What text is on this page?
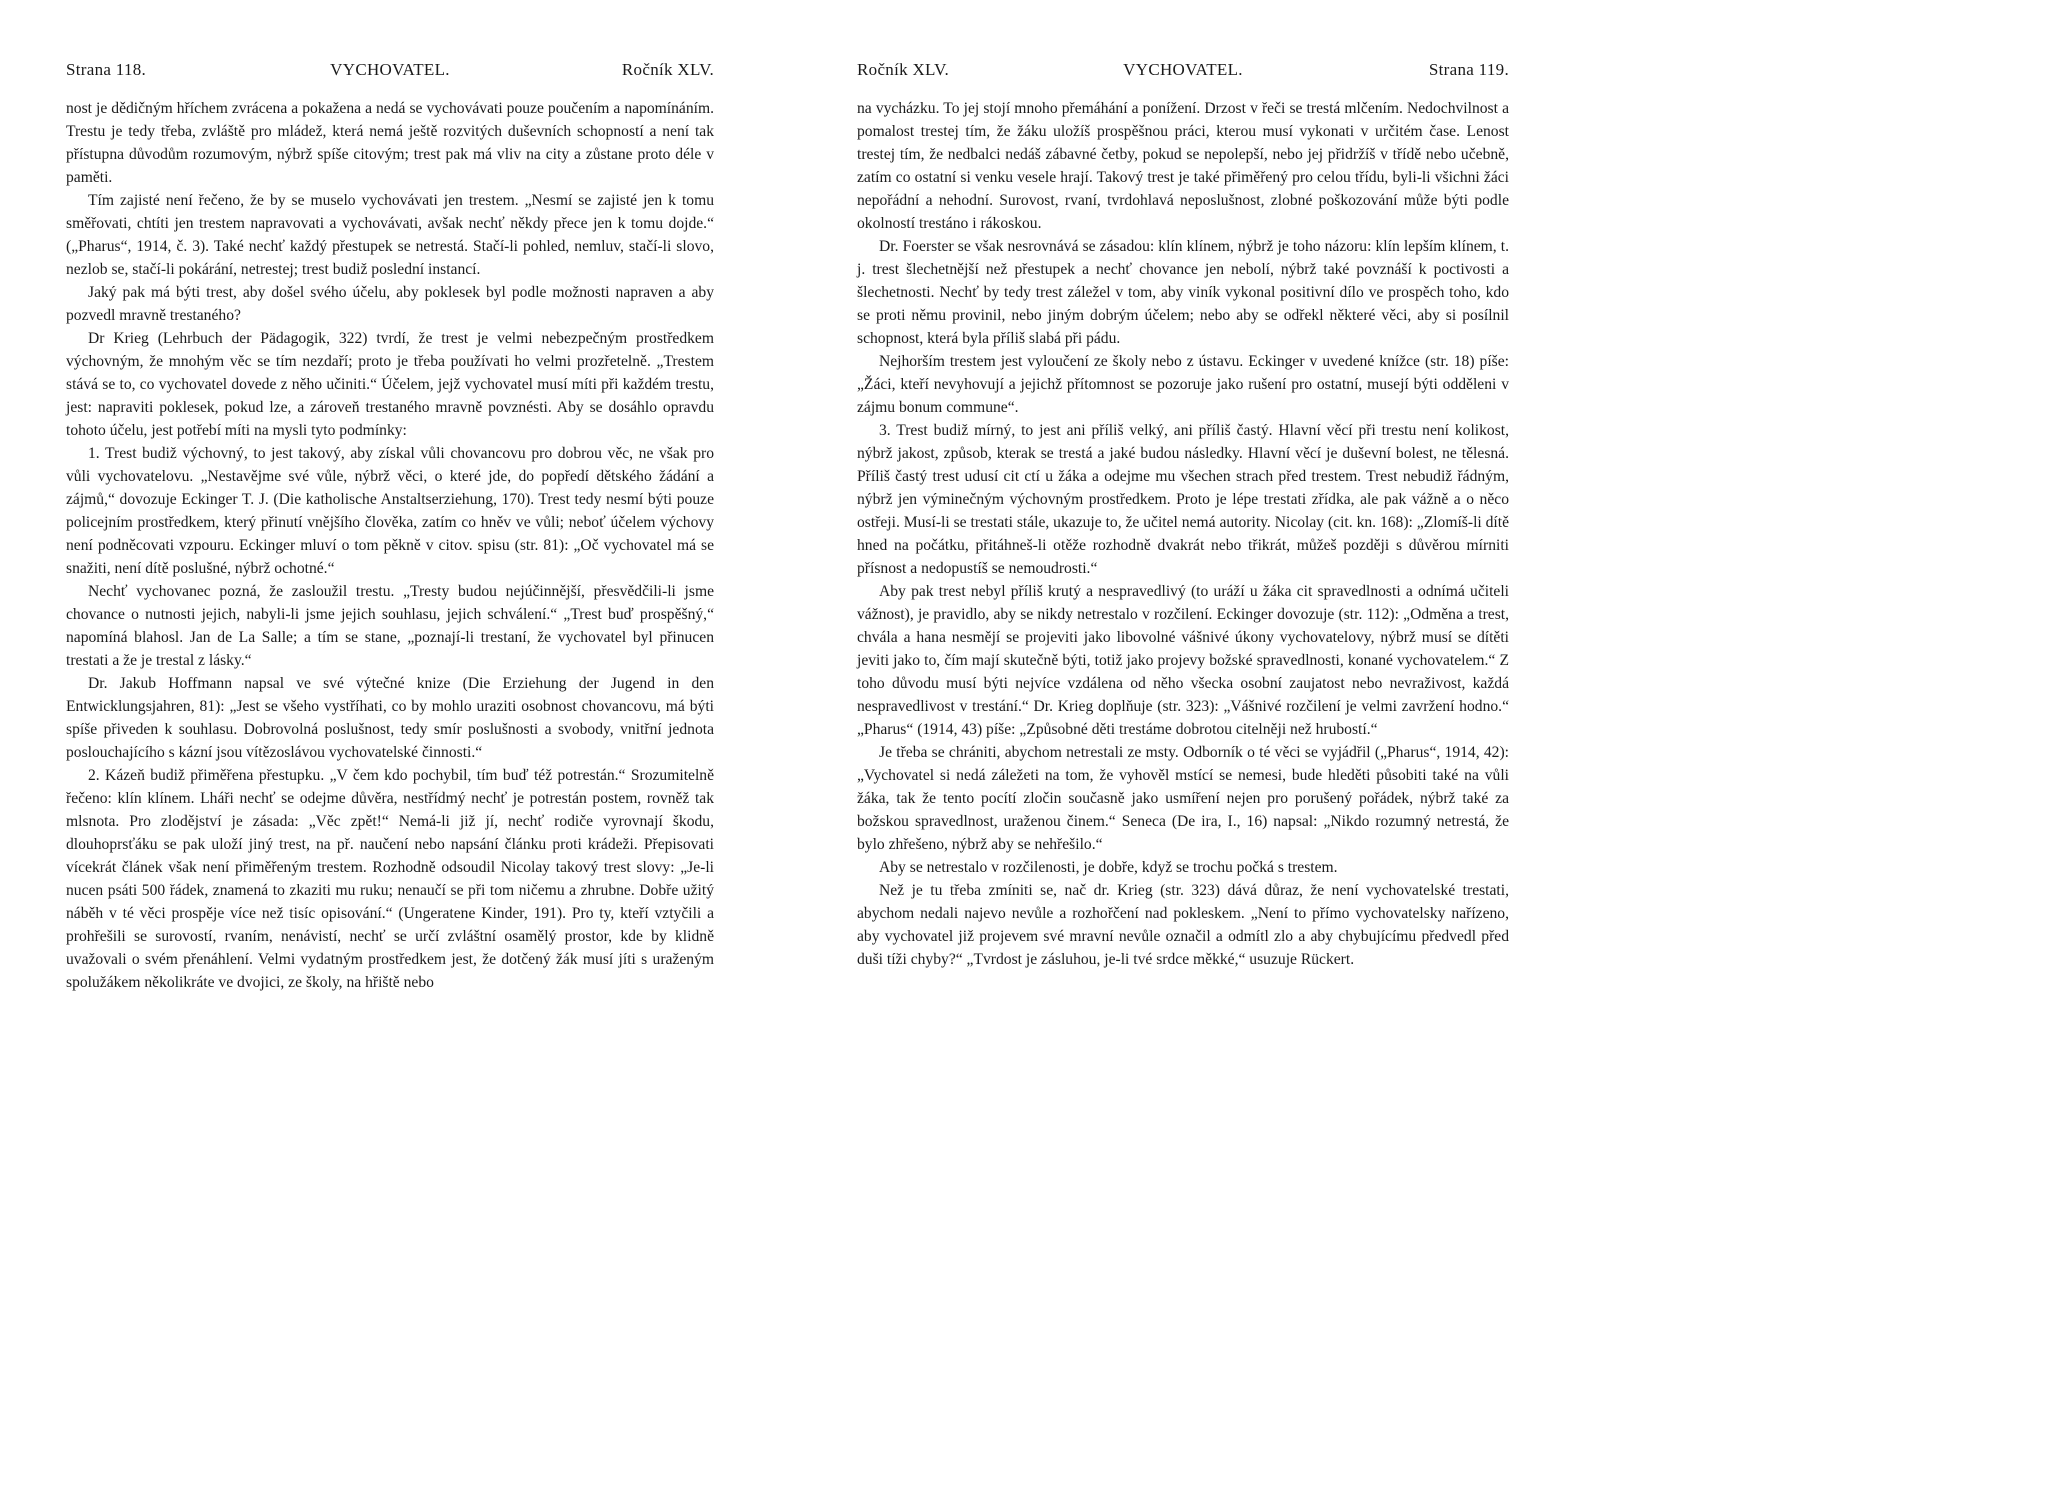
Strana 118.	VYCHOVATEL.	Ročník XLV.

nost je dědičným hříchem zvrácena a pokažena a nedá se vychovávati pouze poučením a napomínáním. Trestu je tedy třeba, zvláště pro mládež, která nemá ještě rozvitých duševních schopností a není tak přístupna důvodům rozumovým, nýbrž spíše citovým; trest pak má vliv na city a zůstane proto déle v paměti.

Tím zajisté není řečeno, že by se muselo vychovávati jen trestem. „Nesmí se zajisté jen k tomu směřovati, chtíti jen trestem napravovati a vychovávati, avšak nechť někdy přece jen k tomu dojde.“ („Pharus“, 1914, č. 3). Také nechť každý přestupek se netrestá. Stačí-li pohled, nemluv, stačí-li slovo, nezlob se, stačí-li pokárání, netrestej; trest budiž poslední instancí.

Jaký pak má býti trest, aby došel svého účelu, aby poklesek byl podle možnosti napraven a aby pozvedl mravně trestaného?

Dr Krieg (Lehrbuch der Pädagogik, 322) tvrdí, že trest je velmi nebezpečným prostředkem výchovným, že mnohým věc se tím nezdaří; proto je třeba používati ho velmi prozřetelně. „Trestem stává se to, co vychovatel dovede z něho učiniti.“ Účelem, jejž vychovatel musí míti při každém trestu, jest: napraviti poklesek, pokud lze, a zároveň trestaného mravně povznésti. Aby se dosáhlo opravdu tohoto účelu, jest potřebí míti na mysli tyto podmínky:

1. Trest budiž výchovný, to jest takový, aby získal vůli chovancovu pro dobrou věc, ne však pro vůli vychovatelovu. „Nestavějme své vůle, nýbrž věci, o které jde, do popředí dětského žádání a zájmů,“ dovozuje Eckinger T. J. (Die katholische Anstaltserziehung, 170). Trest tedy nesmí býti pouze policejním prostředkem, který přinutí vnějšího člověka, zatím co hněv ve vůli; neboť účelem výchovy není podněcovati vzpouru. Eckinger mluví o tom pěkně v citov. spisu (str. 81): „Oč vychovatel má se snažiti, není dítě poslušné, nýbrž ochotné.“

Nechť vychovanec pozná, že zasloužil trestu. „Tresty budou nejúčinnější, přesvědčili-li jsme chovance o nutnosti jejich, nabyli-li jsme jejich souhlasu, jejich schválení.“ „Trest buď prospěšný,“ napomíná blahosl. Jan de La Salle; a tím se stane, „poznají-li trestaní, že vychovatel byl přinucen trestati a že je trestal z lásky.“

Dr. Jakub Hoffmann napsal ve své výtečné knize (Die Erziehung der Jugend in den Entwicklungsjahren, 81): „Jest se všeho vystříhati, co by mohlo uraziti osobnost chovancovu, má býti spíše přiveden k souhlasu. Dobrovolná poslušnost, tedy smír poslušnosti a svobody, vnitřní jednota poslouchajícího s kázní jsou vítězoslávou vychovatelské činnosti.“

2. Kázeň budiž přiměřena přestupku. „V čem kdo pochybil, tím buď též potrestán.“ Srozumitelně řečeno: klín klínem. Lháři nechť se odejme důvěra, nestřídmý nechť je potrestán postem, rovněž tak mlsnota. Pro zlodějství je zásada: „Věc zpět!“ Nemá-li již jí, nechť rodiče vyrovnají škodu, dlouhoprsťáku se pak uloží jiný trest, na př. naučení nebo napsání článku proti krádeži. Přepisovati vícekrát článek však není přiměřeným trestem. Rozhodně odsoudil Nicolay takový trest slovy: „Je-li nucen psáti 500 řádek, znamená to zkaziti mu ruku; nenaučí se při tom ničemu a zhrubne. Dobře užitý náběh v té věci prospěje více než tisíc opisování.“ (Ungeratene Kinder, 191). Pro ty, kteří vztyčili a prohřešili se surovostí, rvaním, nenávistí, nechť se určí zvláštní osamělý prostor, kde by klidně uvažovali o svém přenáhlení. Velmi vydatným prostředkem jest, že dotčený žák musí jíti s uraženým spolužákem několikráte ve dvojici, ze školy, na hřiště nebo

Ročník XLV.	VYCHOVATEL.	Strana 119.

na vycházku. To jej stojí mnoho přemáhání a ponížení. Drzost v řeči se trestá mlčením. Nedochvilnost a pomalost trestej tím, že žáku uložíš prospěšnou práci, kterou musí vykonati v určitém čase. Lenost trestej tím, že nedbalci nedáš zábavné četby, pokud se nepolepší, nebo jej přidržíš v třídě nebo učebně, zatím co ostatní si venku vesele hrají. Takový trest je také přiměřený pro celou třídu, byli-li všichni žáci nepořádní a nehodní. Surovost, rvaní, tvrdohlavá neposlušnost, zlobné poškozování může býti podle okolností trestáno i rákoskou.

Dr. Foerster se však nesrovnává se zásadou: klín klínem, nýbrž je toho názoru: klín lepším klínem, t. j. trest šlechetnější než přestupek a nechť chovance jen nebolí, nýbrž také povznáší k poctivosti a šlechetnosti. Nechť by tedy trest záležel v tom, aby viník vykonal positivní dílo ve prospěch toho, kdo se proti němu provinil, nebo jiným dobrým účelem; nebo aby se odřekl některé věci, aby si posílnil schopnost, která byla příliš slabá při pádu.

Nejhorším trestem jest vyloučení ze školy nebo z ústavu. Eckinger v uvedené knížce (str. 18) píše: „Žáci, kteří nevyhovují a jejichž přítomnost se pozoruje jako rušení pro ostatní, musejí býti odděleni v zájmu bonum commune“.

3. Trest budiž mírný, to jest ani příliš velký, ani příliš častý. Hlavní věcí při trestu není kolikost, nýbrž jakost, způsob, kterak se trestá a jaké budou následky. Hlavní věcí je duševní bolest, ne tělesná. Příliš častý trest udusí cit ctí u žáka a odejme mu všechen strach před trestem. Trest nebudiž řádným, nýbrž jen výminečným výchovným prostředkem. Proto je lépe trestati zřídka, ale pak vážně a o něco ostřeji. Musí-li se trestati stále, ukazuje to, že učitel nemá autority. Nicolay (cit. kn. 168): „Zlomíš-li dítě hned na počátku, přitáhneš-li otěže rozhodně dvakrát nebo třikrát, můžeš později s důvěrou mírniti přísnost a nedopustíš se nemoudrosti.“

Aby pak trest nebyl příliš krutý a nespravedlivý (to uráží u žáka cit spravedlnosti a odnímá učiteli vážnost), je pravidlo, aby se nikdy netrestalo v rozčilení. Eckinger dovozuje (str. 112): „Odměna a trest, chvála a hana nesmějí se projeviti jako libovolné vášnivé úkony vychovatelovy, nýbrž musí se dítěti jeviti jako to, čím mají skutečně býti, totiž jako projevy božské spravedlnosti, konané vychovatelem.“ Z toho důvodu musí býti nejvíce vzdálena od něho všecka osobní zaujatost nebo nevraživost, každá nespravedlivost v trestání.“ Dr. Krieg doplňuje (str. 323): „Vášnivé rozčilení je velmi zavržení hodno.“ „Pharus“ (1914, 43) píše: „Způsobné děti trestáme dobrotou citelněji než hrubostí.“

Je třeba se chrániti, abychom netrestali ze msty. Odborník o té věci se vyjádřil („Pharus“, 1914, 42): „Vychovatel si nedá záležeti na tom, že vyhověl mstící se nemesi, bude hleděti působiti také na vůli žáka, tak že tento pocítí zločin současně jako usmíření nejen pro porušený pořádek, nýbrž také za božskou spravedlnost, uraženou činem.“ Seneca (De ira, I., 16) napsal: „Nikdo rozumný netrestá, že bylo zhřešeno, nýbrž aby se nehřešilo.“

Aby se netrestalo v rozčilenosti, je dobře, když se trochu počká s trestem.

Než je tu třeba zmíniti se, nač dr. Krieg (str. 323) dává důraz, že není vychovatelské trestati, abychom nedali najevo nevůle a rozhořčení nad pokleskem. „Není to přímo vychovatelsky nařízeno, aby vychovatel již projevem své mravní nevůle označil a odmítl zlo a aby chybujícímu předvedl před duši tíži chyby?“ „Tvrdost je zásluhou, je-li tvé srdce měkké,“ usuzuje Rückert.
